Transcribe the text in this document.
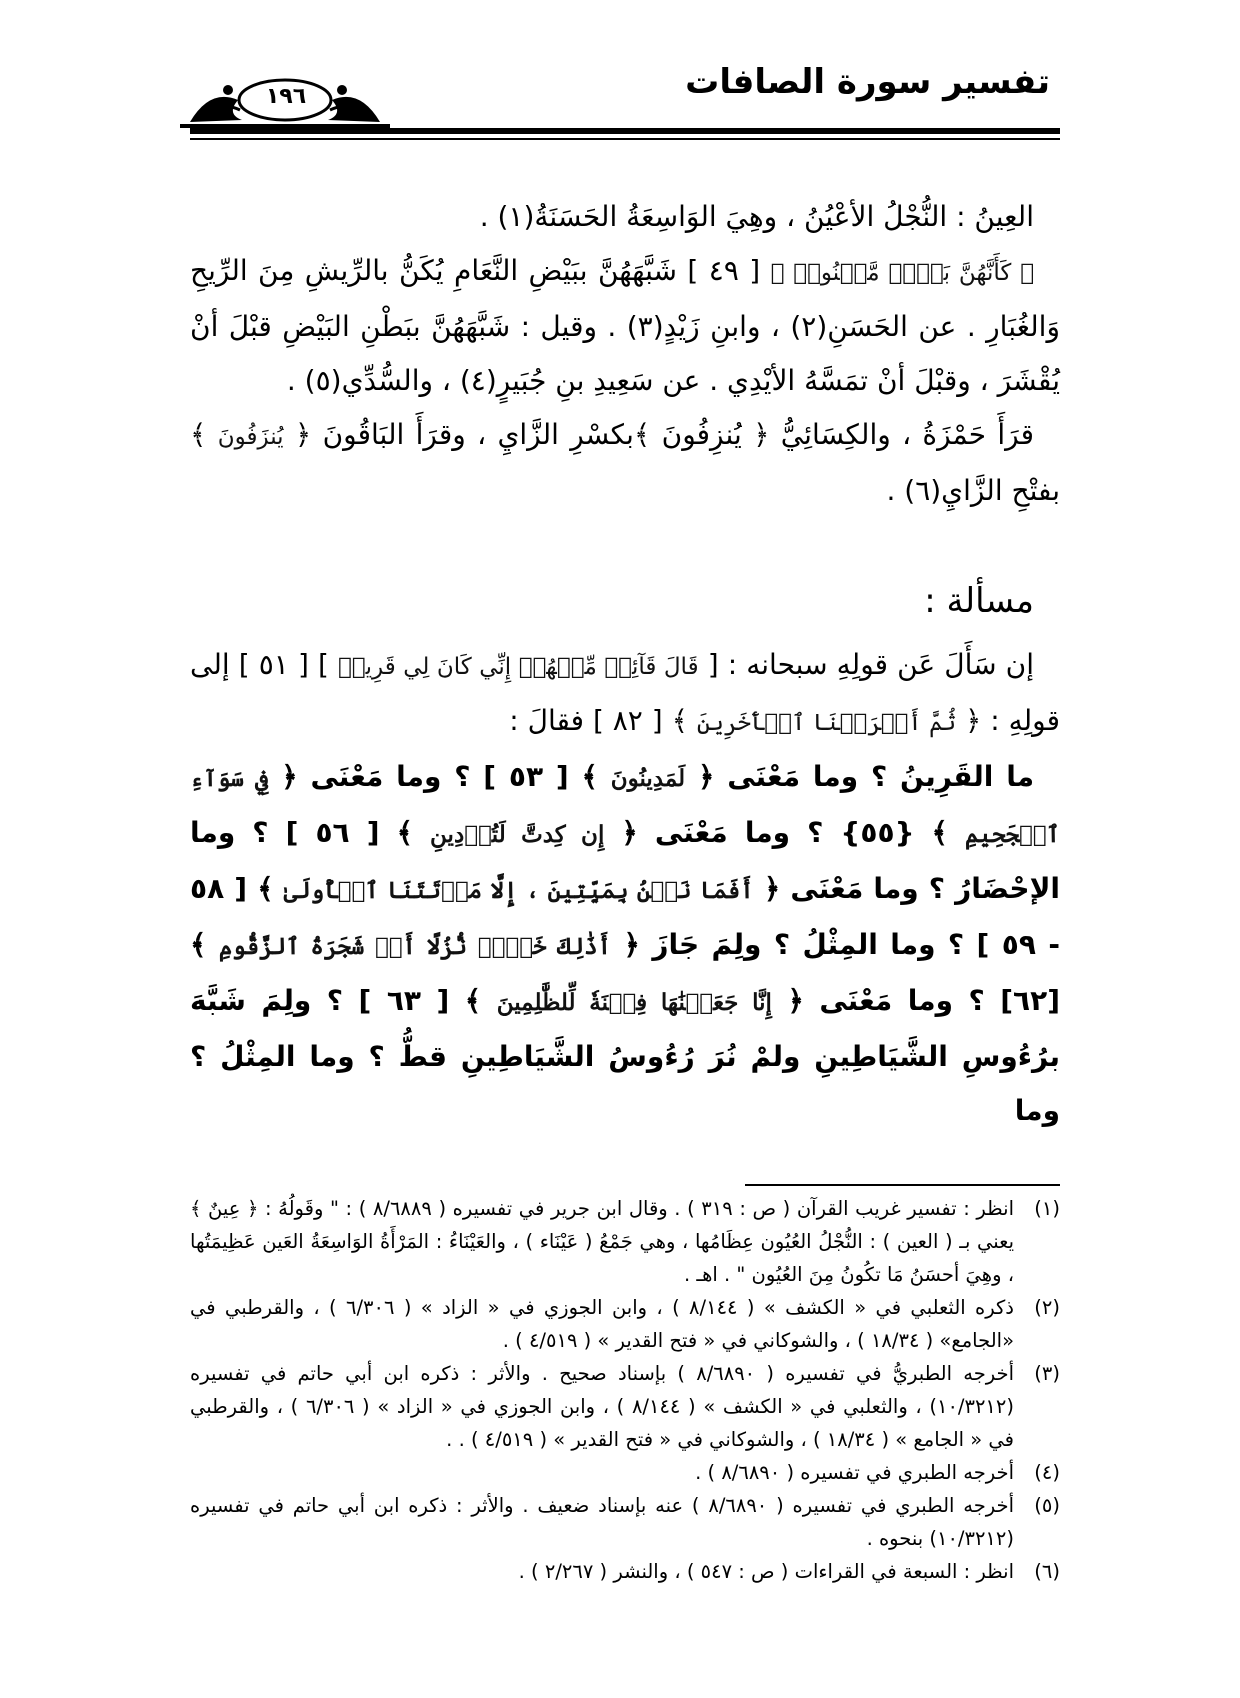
تفسير سورة الصافات
١٩٦

العِينُ : النُّجْلُ الأعْيُنُ ، وهِيَ الوَاسِعَةُ الحَسَنَةُ(١) .

﴿ كَأَنَّهُنَّ بَيۡضٞ مَّكۡنُونٞ ﴾ [ ٤٩ ] شَبَّهَهُنَّ ببَيْضِ النَّعَامِ يُكَنُّ بالرِّيشِ مِنَ الرِّيحِ وَالغُبَارِ . عن الحَسَنِ(٢) ، وابنِ زَيْدٍ(٣) . وقيل : شَبَّهَهُنَّ ببَطْنِ البَيْضِ قبْلَ أنْ يُقْشَرَ ، وقبْلَ أنْ تمَسَّهُ الأيْدِي . عن سَعِيدِ بنِ جُبَيرٍ(٤) ، والسُّدِّي(٥) .

قرَأَ حَمْزَةُ ، والكِسَائِيُّ ﴿ يُنزِفُونَ ﴾بكسْرِ الزَّايِ ، وقرَأَ البَاقُونَ ﴿ يُنزَفُونَ ﴾ بفتْحِ الزَّايِ(٦) .

مسألة :

إن سَأَلَ عَن قولِهِ سبحانه : [ قَالَ قَآئِلٞ مِّنۡهُمۡ إِنِّي كَانَ لِي قَرِينٞ ] [ ٥١ ] إلى قولِهِ : ﴿ ثُمَّ أَغۡرَقۡنَا ٱلۡأٓخَرِينَ ﴾ [ ٨٢ ] فقالَ :

ما القَرِينُ ؟ وما مَعْنَى ﴿ لَمَدِينُونَ ﴾ [ ٥٣ ] ؟ وما مَعْنَى ﴿ فِي سَوَآءِ ٱلۡجَحِيمِ ﴾ {٥٥} ؟ وما مَعْنَى ﴿ إِن كِدتَّ لَتُرۡدِينِ ﴾ [ ٥٦ ] ؟ وما الإحْضَارُ ؟ وما مَعْنَى ﴿ أَفَمَا نَحۡنُ بِمَيِّتِينَ ، إِلَّا مَوۡتَتَنَا ٱلۡأُولَىٰ ﴾ [ ٥٨ - ٥٩ ] ؟ وما المِثْلُ ؟ ولِمَ جَازَ ﴿ أَذَٰلِكَ خَيۡرٞ نُّزُلًا أَمۡ شَجَرَةُ ٱلزَّقُّومِ ﴾ [٦٢] ؟ وما مَعْنَى ﴿ إِنَّا جَعَلۡنَٰهَا فِتۡنَةٗ لِّلظَّٰلِمِينَ ﴾ [ ٦٣ ] ؟ ولِمَ شَبَّهَ برُءُوسِ الشَّيَاطِينِ ولمْ نُرَ رُءُوسُ الشَّيَاطِينِ قطُّ ؟ وما المِثْلُ ؟ وما

(١)
انظر : تفسير غريب القرآن ( ص : ٣١٩ ) . وقال ابن جرير في تفسيره ( ٨/٦٨٨٩ ) : " وقَولُهُ : ﴿ عِينٌ ﴾ يعني بـ ( العين ) : النُّجْلُ العُيُون عِظَامُها ، وهي جَمْعُ ( عَيْنَاء ) ، والعَيْنَاءُ : المَرْأَةُ الوَاسِعَةُ العَين عَظِيمَتُها ، وهِيَ أحسَنُ مَا تكُونُ مِنَ العُيُون " . اهـ .
(٢)
ذكره الثعلبي في « الكشف » ( ٨/١٤٤ ) ، وابن الجوزي في « الزاد » ( ٦/٣٠٦ ) ، والقرطبي في «الجامع» ( ١٨/٣٤ ) ، والشوكاني في « فتح القدير » ( ٤/٥١٩ ) .
(٣)
أخرجه الطبريُّ في تفسيره ( ٨/٦٨٩٠ ) بإسناد صحيح . والأثر : ذكره ابن أبي حاتم في تفسيره (١٠/٣٢١٢) ، والثعلبي في « الكشف » ( ٨/١٤٤ ) ، وابن الجوزي في « الزاد » ( ٦/٣٠٦ ) ، والقرطبي في « الجامع » ( ١٨/٣٤ ) ، والشوكاني في « فتح القدير » ( ٤/٥١٩ ) . .
(٤)
أخرجه الطبري في تفسيره ( ٨/٦٨٩٠ ) .
(٥)
أخرجه الطبري في تفسيره ( ٨/٦٨٩٠ ) عنه بإسناد ضعيف . والأثر : ذكره ابن أبي حاتم في تفسيره (١٠/٣٢١٢) بنحوه .
(٦)
انظر : السبعة في القراءات ( ص : ٥٤٧ ) ، والنشر ( ٢/٢٦٧ ) .
